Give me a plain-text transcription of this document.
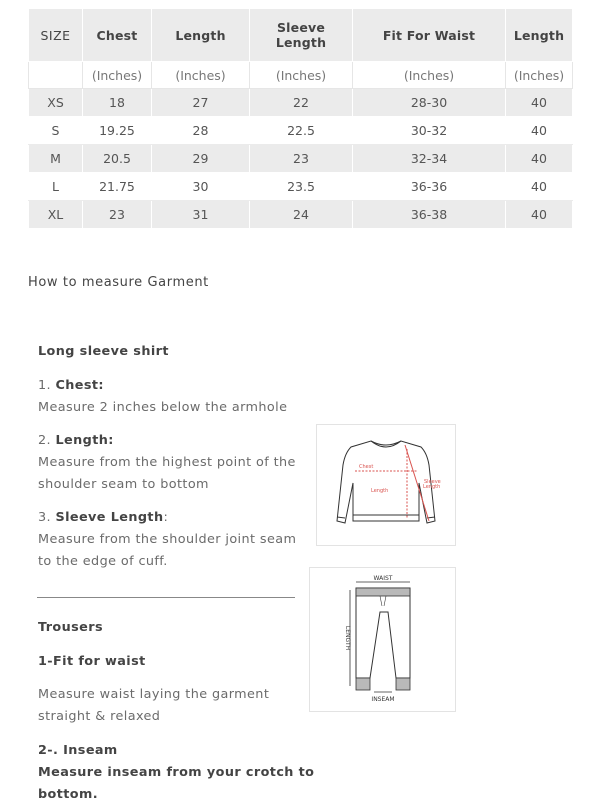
SIZE	Chest	Length	Sleeve Length	Fit For Waist	Length
	(Inches)	(Inches)	(Inches)	(Inches)	(Inches)
XS	18	27	22	28-30	40
S	19.25	28	22.5	30-32	40
M	20.5	29	23	32-34	40
L	21.75	30	23.5	36-36	40
XL	23	31	24	36-38	40
How to measure Garment
Long sleeve shirt
1. Chest:
Measure 2 inches below the armhole
2. Length:
Measure from the highest point of the
shoulder seam to bottom
3. Sleeve Length:
Measure from the shoulder joint seam
to the edge of cuff.
Trousers
1-Fit for waist
Measure waist laying the garment
straight & relaxed
2-. Inseam
Measure inseam from your crotch to
bottom.
Chest
Length
Sleeve
Length
WAIST
LENGTH
INSEAM
